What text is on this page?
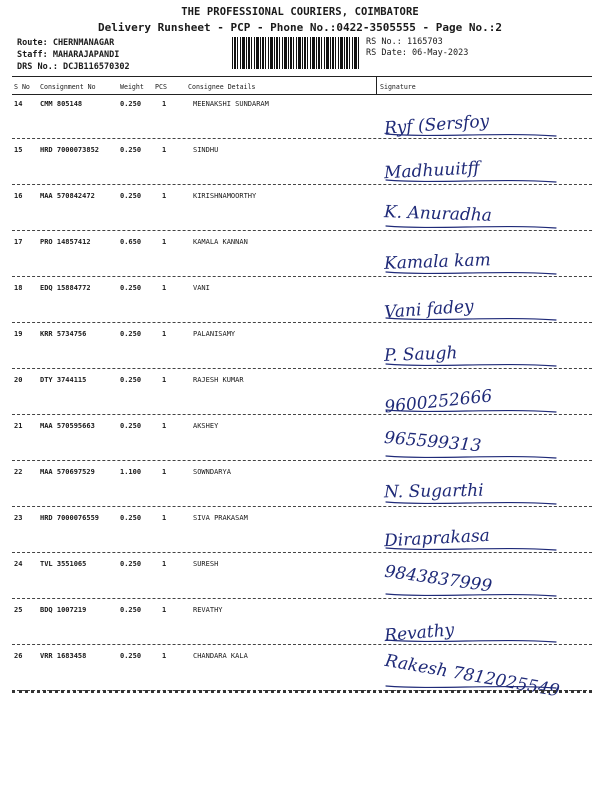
THE PROFESSIONAL COURIERS, COIMBATORE
Delivery Runsheet - PCP - Phone No.:0422-3505555 - Page No.:2
Route: CHERNMANAGAR
Staff: MAHARAJAPANDI
DRS No.: DCJB116570302
RS No.: 1165703
RS Date: 06-May-2023
S No Consignment No	Weight PCS	Consignee Details	Signature
14	CMM 805148	0.250	1	MEENAKSHI SUNDARAM
Ryf (Sersfoy
15	HRD 7000073852	0.250	1	SINDHU
Madhuuitff
16	MAA 570842472	0.250	1	KIRISHNAMOORTHY
K. Anuradha
17	PRO 14857412	0.650	1	KAMALA KANNAN
Kamala kam
18	EDQ 15884772	0.250	1	VANI
Vani fadey
19	KRR 5734756	0.250	1	PALANISAMY
P. Saugh
20	DTY 3744115	0.250	1	RAJESH KUMAR
9600252666
21	MAA 570595663	0.250	1	AKSHEY
965599313
22	MAA 570697529	1.100	1	SOWNDARYA
N. Sugarthi
23	HRD 7000076559	0.250	1	SIVA PRAKASAM
Diraprakasa
24	TVL 3551065	0.250	1	SURESH	9843837999
25	BDQ 1007219	0.250	1	REVATHY
Revathy
26	VRR 1683458	0.250	1	CHANDARA KALA	Rakesh 7812025549
